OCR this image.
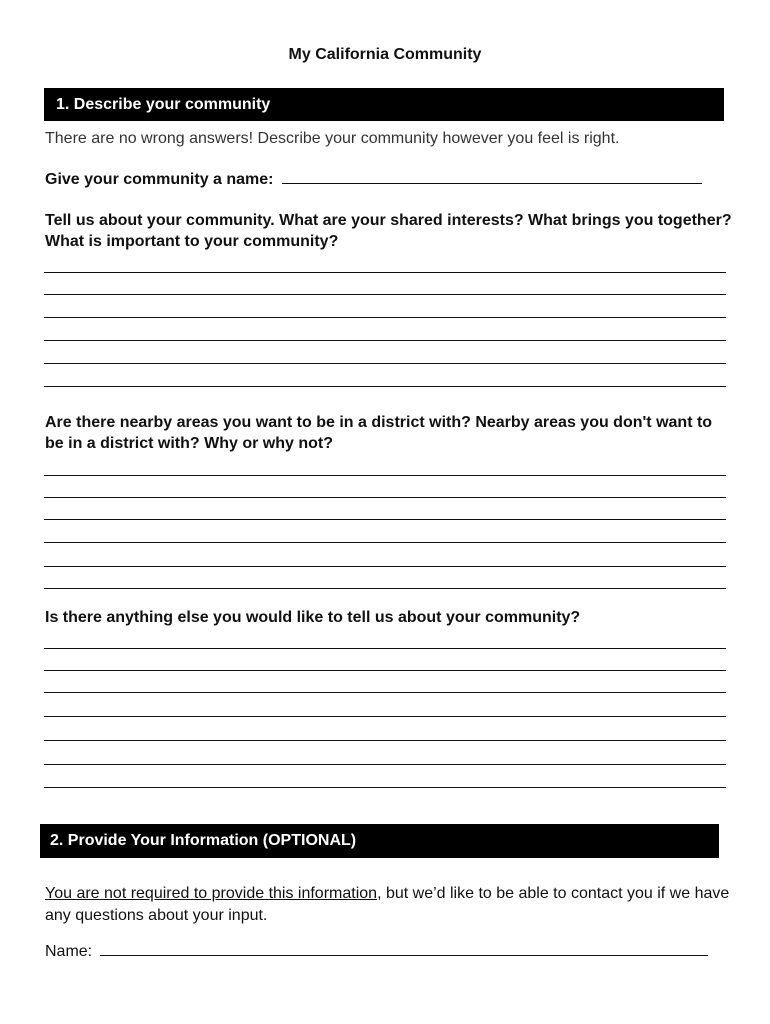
My California Community
1. Describe your community
There are no wrong answers! Describe your community however you feel is right.
Give your community a name:
Tell us about your community. What are your shared interests? What brings you together? What is important to your community?
Are there nearby areas you want to be in a district with? Nearby areas you don't want to be in a district with? Why or why not?
Is there anything else you would like to tell us about your community?
2. Provide Your Information (OPTIONAL)
You are not required to provide this information, but we’d like to be able to contact you if we have any questions about your input.
Name:
